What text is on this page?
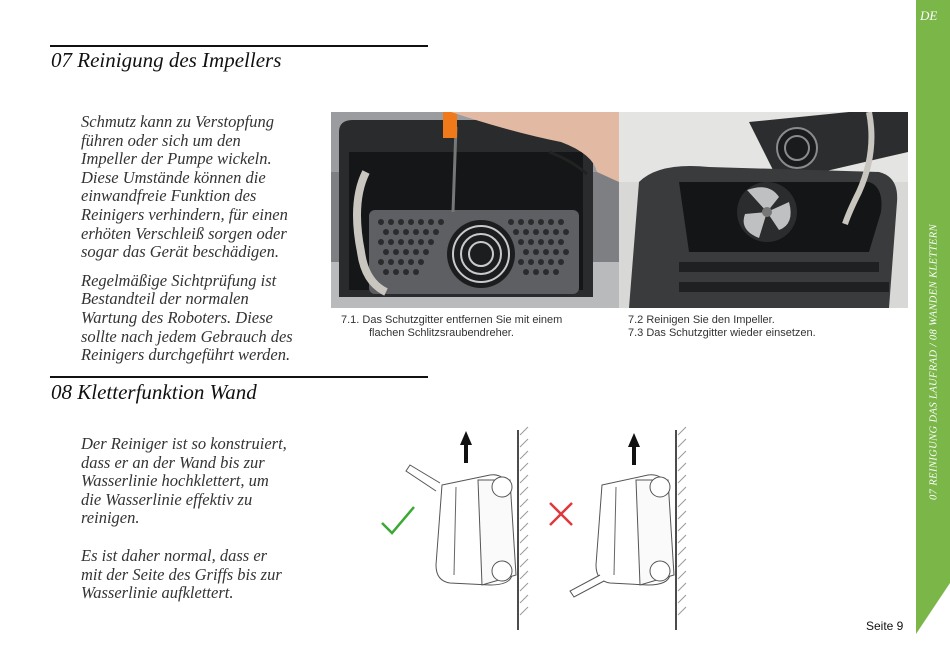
DE
07 REINIGUNG DAS LAUFRAD / 08 WANDEN KLETTERN
07 Reinigung des Impellers

Schmutz kann zu Verstopfung
führen oder sich um den
Impeller der Pumpe wickeln.
Diese Umstände können die
einwandfreie Funktion des
Reinigers verhindern, für einen
erhöten Verschleiß sorgen oder
sogar das Gerät beschädigen.

Regelmäßige Sichtprüfung ist
Bestandteil der normalen
Wartung des Roboters. Diese
sollte nach jedem Gebrauch des
Reinigers durchgeführt werden.

7.1. Das Schutzgitter entfernen Sie mit einem
flachen Schlitzsraubendreher.
7.2 Reinigen Sie den Impeller.
7.3 Das Schutzgitter wieder einsetzen.
08 Kletterfunktion Wand

Der Reiniger ist so konstruiert,
dass er an der Wand bis zur
Wasserlinie hochklettert, um
die Wasserlinie effektiv zu
reinigen.

Es ist daher normal, dass er
mit der Seite des Griffs bis zur
Wasserlinie aufklettert.

Seite 9
